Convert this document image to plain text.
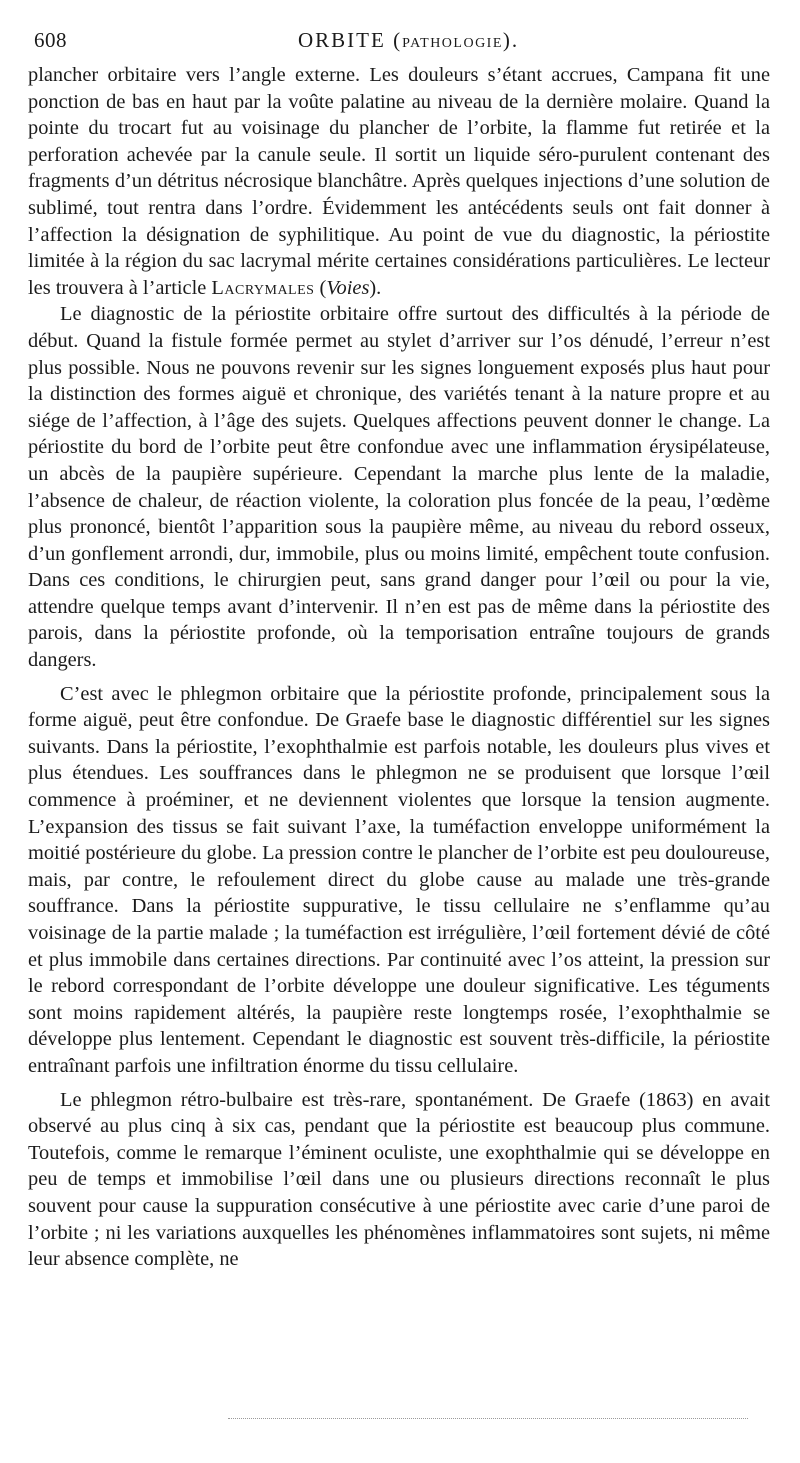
608	ORBITE (PATHOLOGIE).

plancher orbitaire vers l’angle externe. Les douleurs s’étant accrues, Campana fit une ponction de bas en haut par la voûte palatine au niveau de la dernière molaire. Quand la pointe du trocart fut au voisinage du plancher de l’orbite, la flamme fut retirée et la perforation achevée par la canule seule. Il sortit un liquide séro-purulent contenant des fragments d’un détritus nécrosique blanchâtre. Après quelques injections d’une solution de sublimé, tout rentra dans l’ordre. Évidemment les antécédents seuls ont fait donner à l’affection la désignation de syphilitique. Au point de vue du diagnostic, la périostite limitée à la région du sac lacrymal mérite certaines considérations particulières. Le lecteur les trouvera à l’article Lacrymales (Voies).

Le diagnostic de la périostite orbitaire offre surtout des difficultés à la période de début. Quand la fistule formée permet au stylet d’arriver sur l’os dénudé, l’erreur n’est plus possible. Nous ne pouvons revenir sur les signes longuement exposés plus haut pour la distinction des formes aiguë et chronique, des variétés tenant à la nature propre et au siége de l’affection, à l’âge des sujets. Quelques affections peuvent donner le change. La périostite du bord de l’orbite peut être confondue avec une inflammation érysipélateuse, un abcès de la paupière supérieure. Cependant la marche plus lente de la maladie, l’absence de chaleur, de réaction violente, la coloration plus foncée de la peau, l’œdème plus prononcé, bientôt l’apparition sous la paupière même, au niveau du rebord osseux, d’un gonflement arrondi, dur, immobile, plus ou moins limité, empêchent toute confusion. Dans ces conditions, le chirurgien peut, sans grand danger pour l’œil ou pour la vie, attendre quelque temps avant d’intervenir. Il n’en est pas de même dans la périostite des parois, dans la périostite profonde, où la temporisation entraîne toujours de grands dangers.

C’est avec le phlegmon orbitaire que la périostite profonde, principalement sous la forme aiguë, peut être confondue. De Graefe base le diagnostic différentiel sur les signes suivants. Dans la périostite, l’exophthalmie est parfois notable, les douleurs plus vives et plus étendues. Les souffrances dans le phlegmon ne se produisent que lorsque l’œil commence à proéminer, et ne deviennent violentes que lorsque la tension augmente. L’expansion des tissus se fait suivant l’axe, la tuméfaction enveloppe uniformément la moitié postérieure du globe. La pression contre le plancher de l’orbite est peu douloureuse, mais, par contre, le refoulement direct du globe cause au malade une très-grande souffrance. Dans la périostite suppurative, le tissu cellulaire ne s’enflamme qu’au voisinage de la partie malade ; la tuméfaction est irrégulière, l’œil fortement dévié de côté et plus immobile dans certaines directions. Par continuité avec l’os atteint, la pression sur le rebord correspondant de l’orbite développe une douleur significative. Les téguments sont moins rapidement altérés, la paupière reste longtemps rosée, l’exophthalmie se développe plus lentement. Cependant le diagnostic est souvent très-difficile, la périostite entraînant parfois une infiltration énorme du tissu cellulaire.

Le phlegmon rétro-bulbaire est très-rare, spontanément. De Graefe (1863) en avait observé au plus cinq à six cas, pendant que la périostite est beaucoup plus commune. Toutefois, comme le remarque l’éminent oculiste, une exophthalmie qui se développe en peu de temps et immobilise l’œil dans une ou plusieurs directions reconnaît le plus souvent pour cause la suppuration consécutive à une périostite avec carie d’une paroi de l’orbite ; ni les variations auxquelles les phénomènes inflammatoires sont sujets, ni même leur absence complète, ne
